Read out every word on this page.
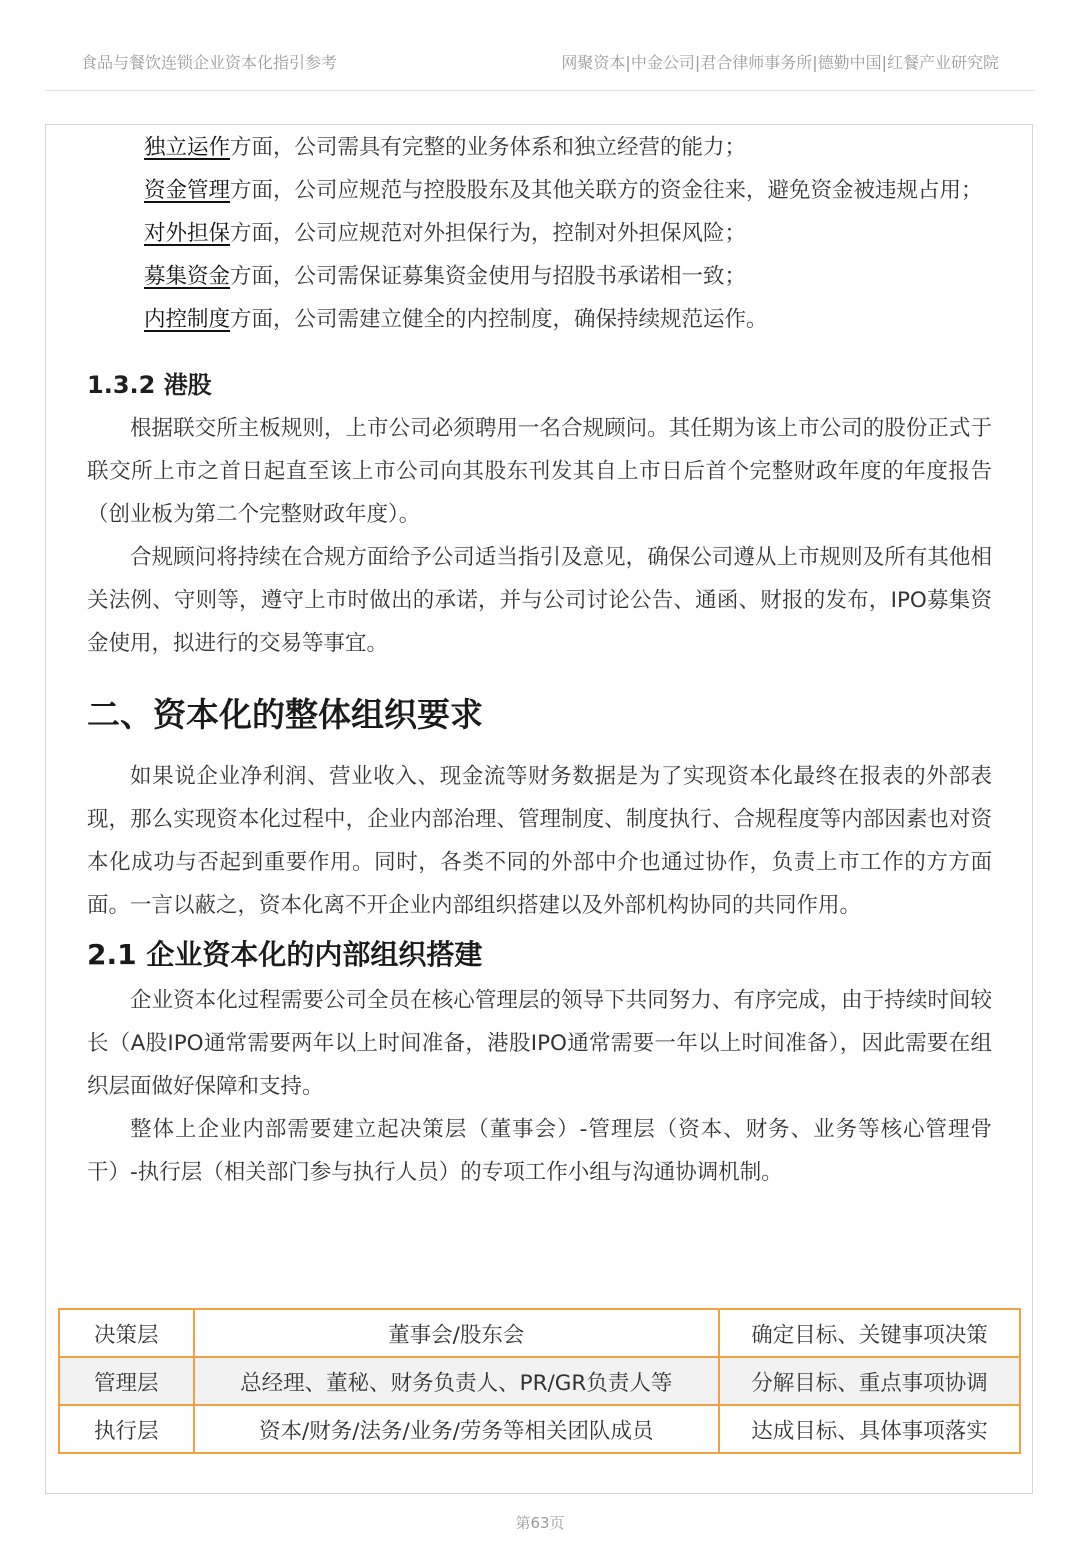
食品与餐饮连锁企业资本化指引参考	网聚资本|中金公司|君合律师事务所|德勤中国|红餐产业研究院

独立运作方面，公司需具有完整的业务体系和独立经营的能力；

资金管理方面，公司应规范与控股股东及其他关联方的资金往来，避免资金被违规占用；

对外担保方面，公司应规范对外担保行为，控制对外担保风险；

募集资金方面，公司需保证募集资金使用与招股书承诺相一致；

内控制度方面，公司需建立健全的内控制度，确保持续规范运作。

1.3.2 港股

根据联交所主板规则，上市公司必须聘用一名合规顾问。其任期为该上市公司的股份正式于联交所上市之首日起直至该上市公司向其股东刊发其自上市日后首个完整财政年度的年度报告（创业板为第二个完整财政年度）。

合规顾问将持续在合规方面给予公司适当指引及意见，确保公司遵从上市规则及所有其他相关法例、守则等，遵守上市时做出的承诺，并与公司讨论公告、通函、财报的发布，IPO募集资金使用，拟进行的交易等事宜。

二、资本化的整体组织要求

如果说企业净利润、营业收入、现金流等财务数据是为了实现资本化最终在报表的外部表现，那么实现资本化过程中，企业内部治理、管理制度、制度执行、合规程度等内部因素也对资本化成功与否起到重要作用。同时，各类不同的外部中介也通过协作，负责上市工作的方方面面。一言以蔽之，资本化离不开企业内部组织搭建以及外部机构协同的共同作用。

2.1 企业资本化的内部组织搭建

企业资本化过程需要公司全员在核心管理层的领导下共同努力、有序完成，由于持续时间较长（A股IPO通常需要两年以上时间准备，港股IPO通常需要一年以上时间准备），因此需要在组织层面做好保障和支持。

整体上企业内部需要建立起决策层（董事会）-管理层（资本、财务、业务等核心管理骨干）-执行层（相关部门参与执行人员）的专项工作小组与沟通协调机制。

决策层	董事会/股东会	确定目标、关键事项决策
管理层	总经理、董秘、财务负责人、PR/GR负责人等	分解目标、重点事项协调
执行层	资本/财务/法务/业务/劳务等相关团队成员	达成目标、具体事项落实
第63页
